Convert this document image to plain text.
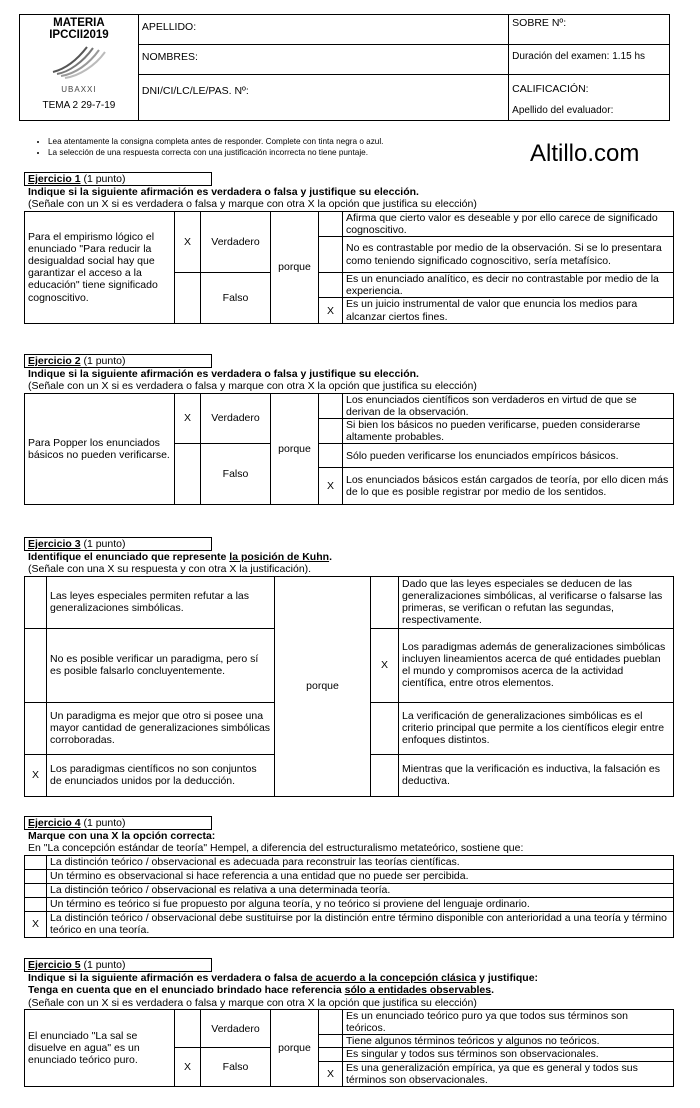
MATERIA
IPCCII2019
UBAXXI
TEMA 2 29-7-19	APELLIDO:	SOBRE Nº:
	NOMBRES:	Duración del examen: 1.15 hs
	DNI/CI/LC/LE/PAS. Nº:	CALIFICACIÓN:
Apellido del evaluador:
• Lea atentamente la consigna completa antes de responder. Complete con tinta negra o azul.
• La selección de una respuesta correcta con una justificación incorrecta no tiene puntaje.	Altillo.com
Ejercicio 1 (1 punto)	
Indique si la siguiente afirmación es verdadera o falsa y justifique su elección.
(Señale con un X si es verdadera o falsa y marque con otra X la opción que justifica su elección)
Para el empirismo lógico el enunciado "Para reducir la desigualdad social hay que garantizar el acceso a la educación" tiene significado cognoscitivo.	X	Verdadero	porque		Afirma que cierto valor es deseable y por ello carece de significado cognoscitivo.
					No es contrastable por medio de la observación. Si se lo presentara como teniendo significado cognoscitivo, sería metafísico.
		Falso			Es un enunciado analítico, es decir no contrastable por medio de la experiencia.
				X	Es un juicio instrumental de valor que enuncia los medios para alcanzar ciertos fines.
Ejercicio 2 (1 punto)	
Indique si la siguiente afirmación es verdadera o falsa y justifique su elección.
(Señale con un X si es verdadera o falsa y marque con otra X la opción que justifica su elección)
Para Popper los enunciados básicos no pueden verificarse.	X	Verdadero	porque		Los enunciados científicos son verdaderos en virtud de que se derivan de la observación.
					Si bien los básicos no pueden verificarse, pueden considerarse altamente probables.
		Falso			Sólo pueden verificarse los enunciados empíricos básicos.
				X	Los enunciados básicos están cargados de teoría, por ello dicen más de lo que es posible registrar por medio de los sentidos.
Ejercicio 3 (1 punto)	
Identifique el enunciado que represente la posición de Kuhn.
(Señale con una X su respuesta y con otra X la justificación).
	Las leyes especiales permiten refutar a las generalizaciones simbólicas.	porque		Dado que las leyes especiales se deducen de las generalizaciones simbólicas, al verificarse o falsarse las primeras, se verifican o refutan las segundas, respectivamente.
	No es posible verificar un paradigma, pero sí es posible falsarlo concluyentemente.		X	Los paradigmas además de generalizaciones simbólicas incluyen lineamientos acerca de qué entidades pueblan el mundo y compromisos acerca de la actividad científica, entre otros elementos.
	Un paradigma es mejor que otro si posee una mayor cantidad de generalizaciones simbólicas corroboradas.			La verificación de generalizaciones simbólicas es el criterio principal que permite a los científicos elegir entre enfoques distintos.
X	Los paradigmas científicos no son conjuntos de enunciados unidos por la deducción.			Mientras que la verificación es inductiva, la falsación es deductiva.
Ejercicio 4 (1 punto)	
Marque con una X la opción correcta:
En "La concepción estándar de teoría" Hempel, a diferencia del estructuralismo metateórico, sostiene que:
	La distinción teórico / observacional es adecuada para reconstruir las teorías científicas.
	Un término es observacional si hace referencia a una entidad que no puede ser percibida.
	La distinción teórico / observacional es relativa a una determinada teoría.
	Un término es teórico si fue propuesto por alguna teoría, y no teórico si proviene del lenguaje ordinario.
X	La distinción teórico / observacional debe sustituirse por la distinción entre término disponible con anterioridad a una teoría y término teórico en una teoría.
Ejercicio 5 (1 punto)	
Indique si la siguiente afirmación es verdadera o falsa de acuerdo a la concepción clásica y justifique:
Tenga en cuenta que en el enunciado brindado hace referencia sólo a entidades observables.
(Señale con un X si es verdadera o falsa y marque con otra X la opción que justifica su elección)
El enunciado "La sal se disuelve en agua" es un enunciado teórico puro.		Verdadero	porque		Es un enunciado teórico puro ya que todos sus términos son teóricos.
					Tiene algunos términos teóricos y algunos no teóricos.
	X	Falso			Es singular y todos sus términos son observacionales.
				X	Es una generalización empírica, ya que es general y todos sus términos son observacionales.
